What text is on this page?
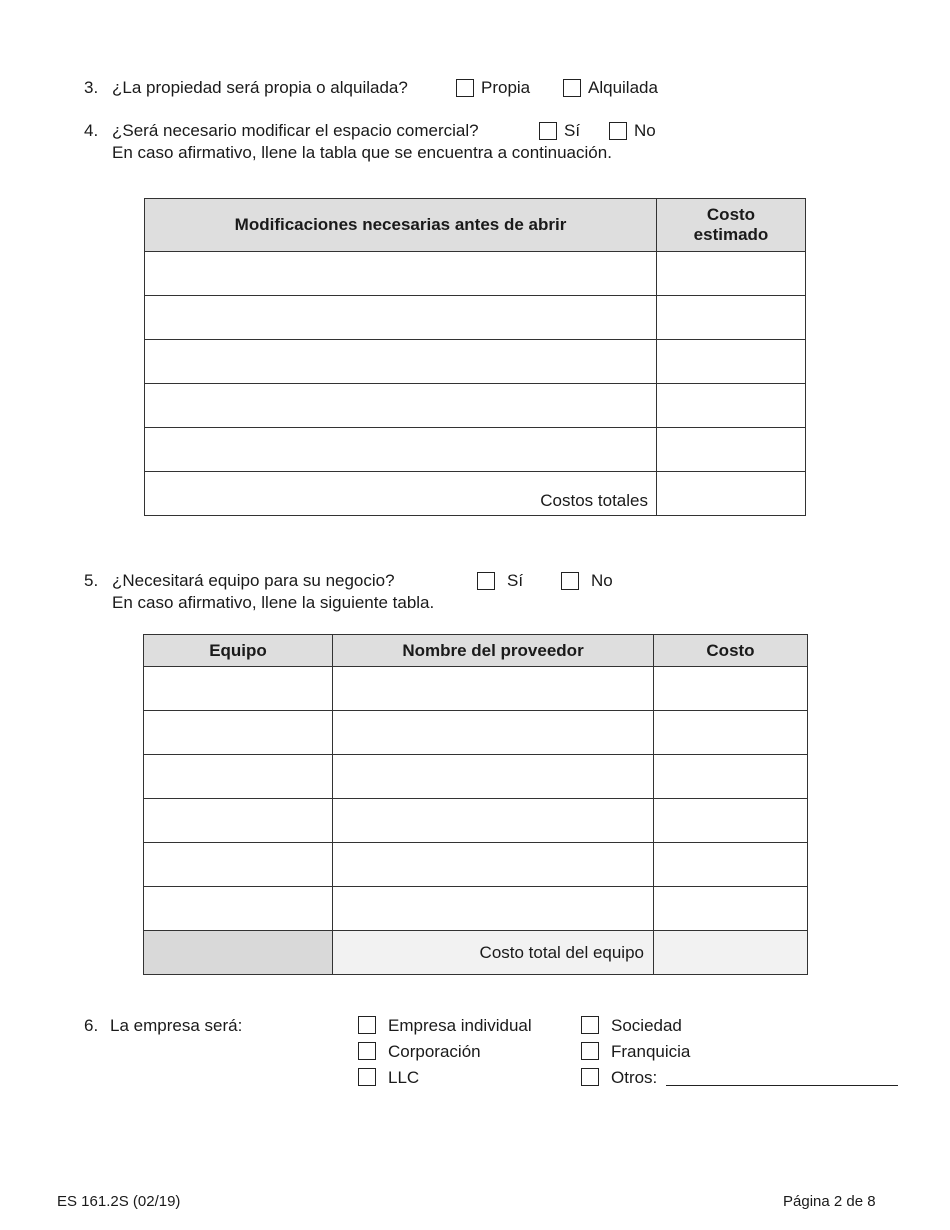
3. ¿La propiedad será propia o alquilada?	Propia	Alquilada
4. ¿Será necesario modificar el espacio comercial?	Sí	No
En caso afirmativo, llene la tabla que se encuentra a continuación.
Modificaciones necesarias antes de abrir	Costo
estimado

Costos totales	
5. ¿Necesitará equipo para su negocio?	Sí	No
En caso afirmativo, llene la siguiente tabla.
Equipo	Nombre del proveedor	Costo

	Costo total del equipo	
6. La empresa será:	Empresa individual
Corporación
LLC
Sociedad
Franquicia
Otros:
ES 161.2S (02/19)	Página 2 de 8
